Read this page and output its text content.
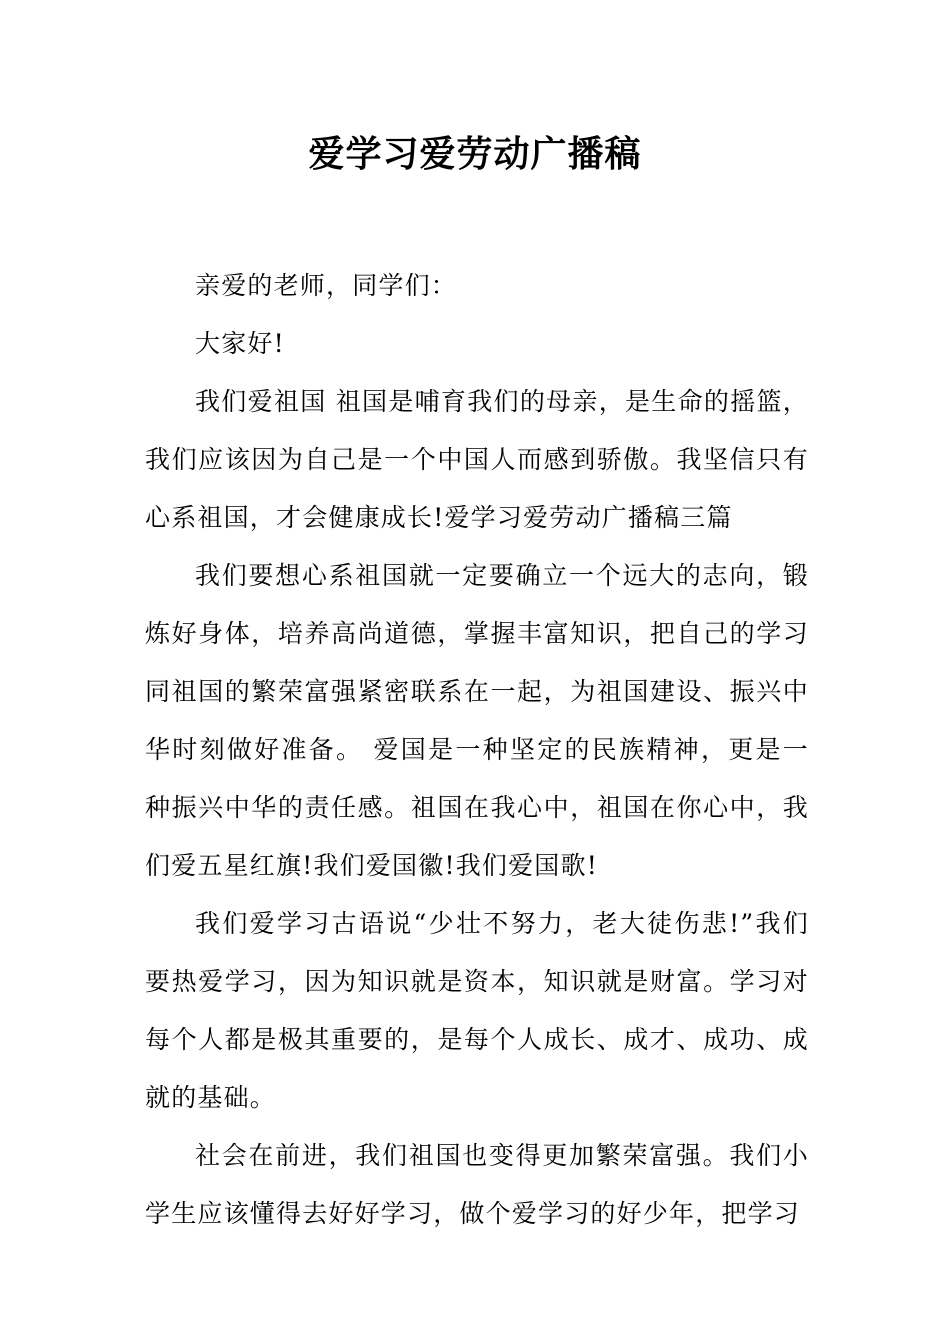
爱学习爱劳动广播稿

亲爱的老师，同学们：

大家好!

我们爱祖国 祖国是哺育我们的母亲，是生命的摇篮，我们应该因为自己是一个中国人而感到骄傲。我坚信只有心系祖国，才会健康成长!爱学习爱劳动广播稿三篇

我们要想心系祖国就一定要确立一个远大的志向，锻炼好身体，培养高尚道德，掌握丰富知识，把自己的学习同祖国的繁荣富强紧密联系在一起，为祖国建设、振兴中华时刻做好准备。 爱国是一种坚定的民族精神，更是一种振兴中华的责任感。祖国在我心中，祖国在你心中，我们爱五星红旗!我们爱国徽!我们爱国歌!

我们爱学习古语说“少壮不努力，老大徒伤悲!”我们要热爱学习，因为知识就是资本，知识就是财富。学习对每个人都是极其重要的，是每个人成长、成才、成功、成就的基础。

社会在前进，我们祖国也变得更加繁荣富强。我们小学生应该懂得去好好学习，做个爱学习的好少年，把学习
